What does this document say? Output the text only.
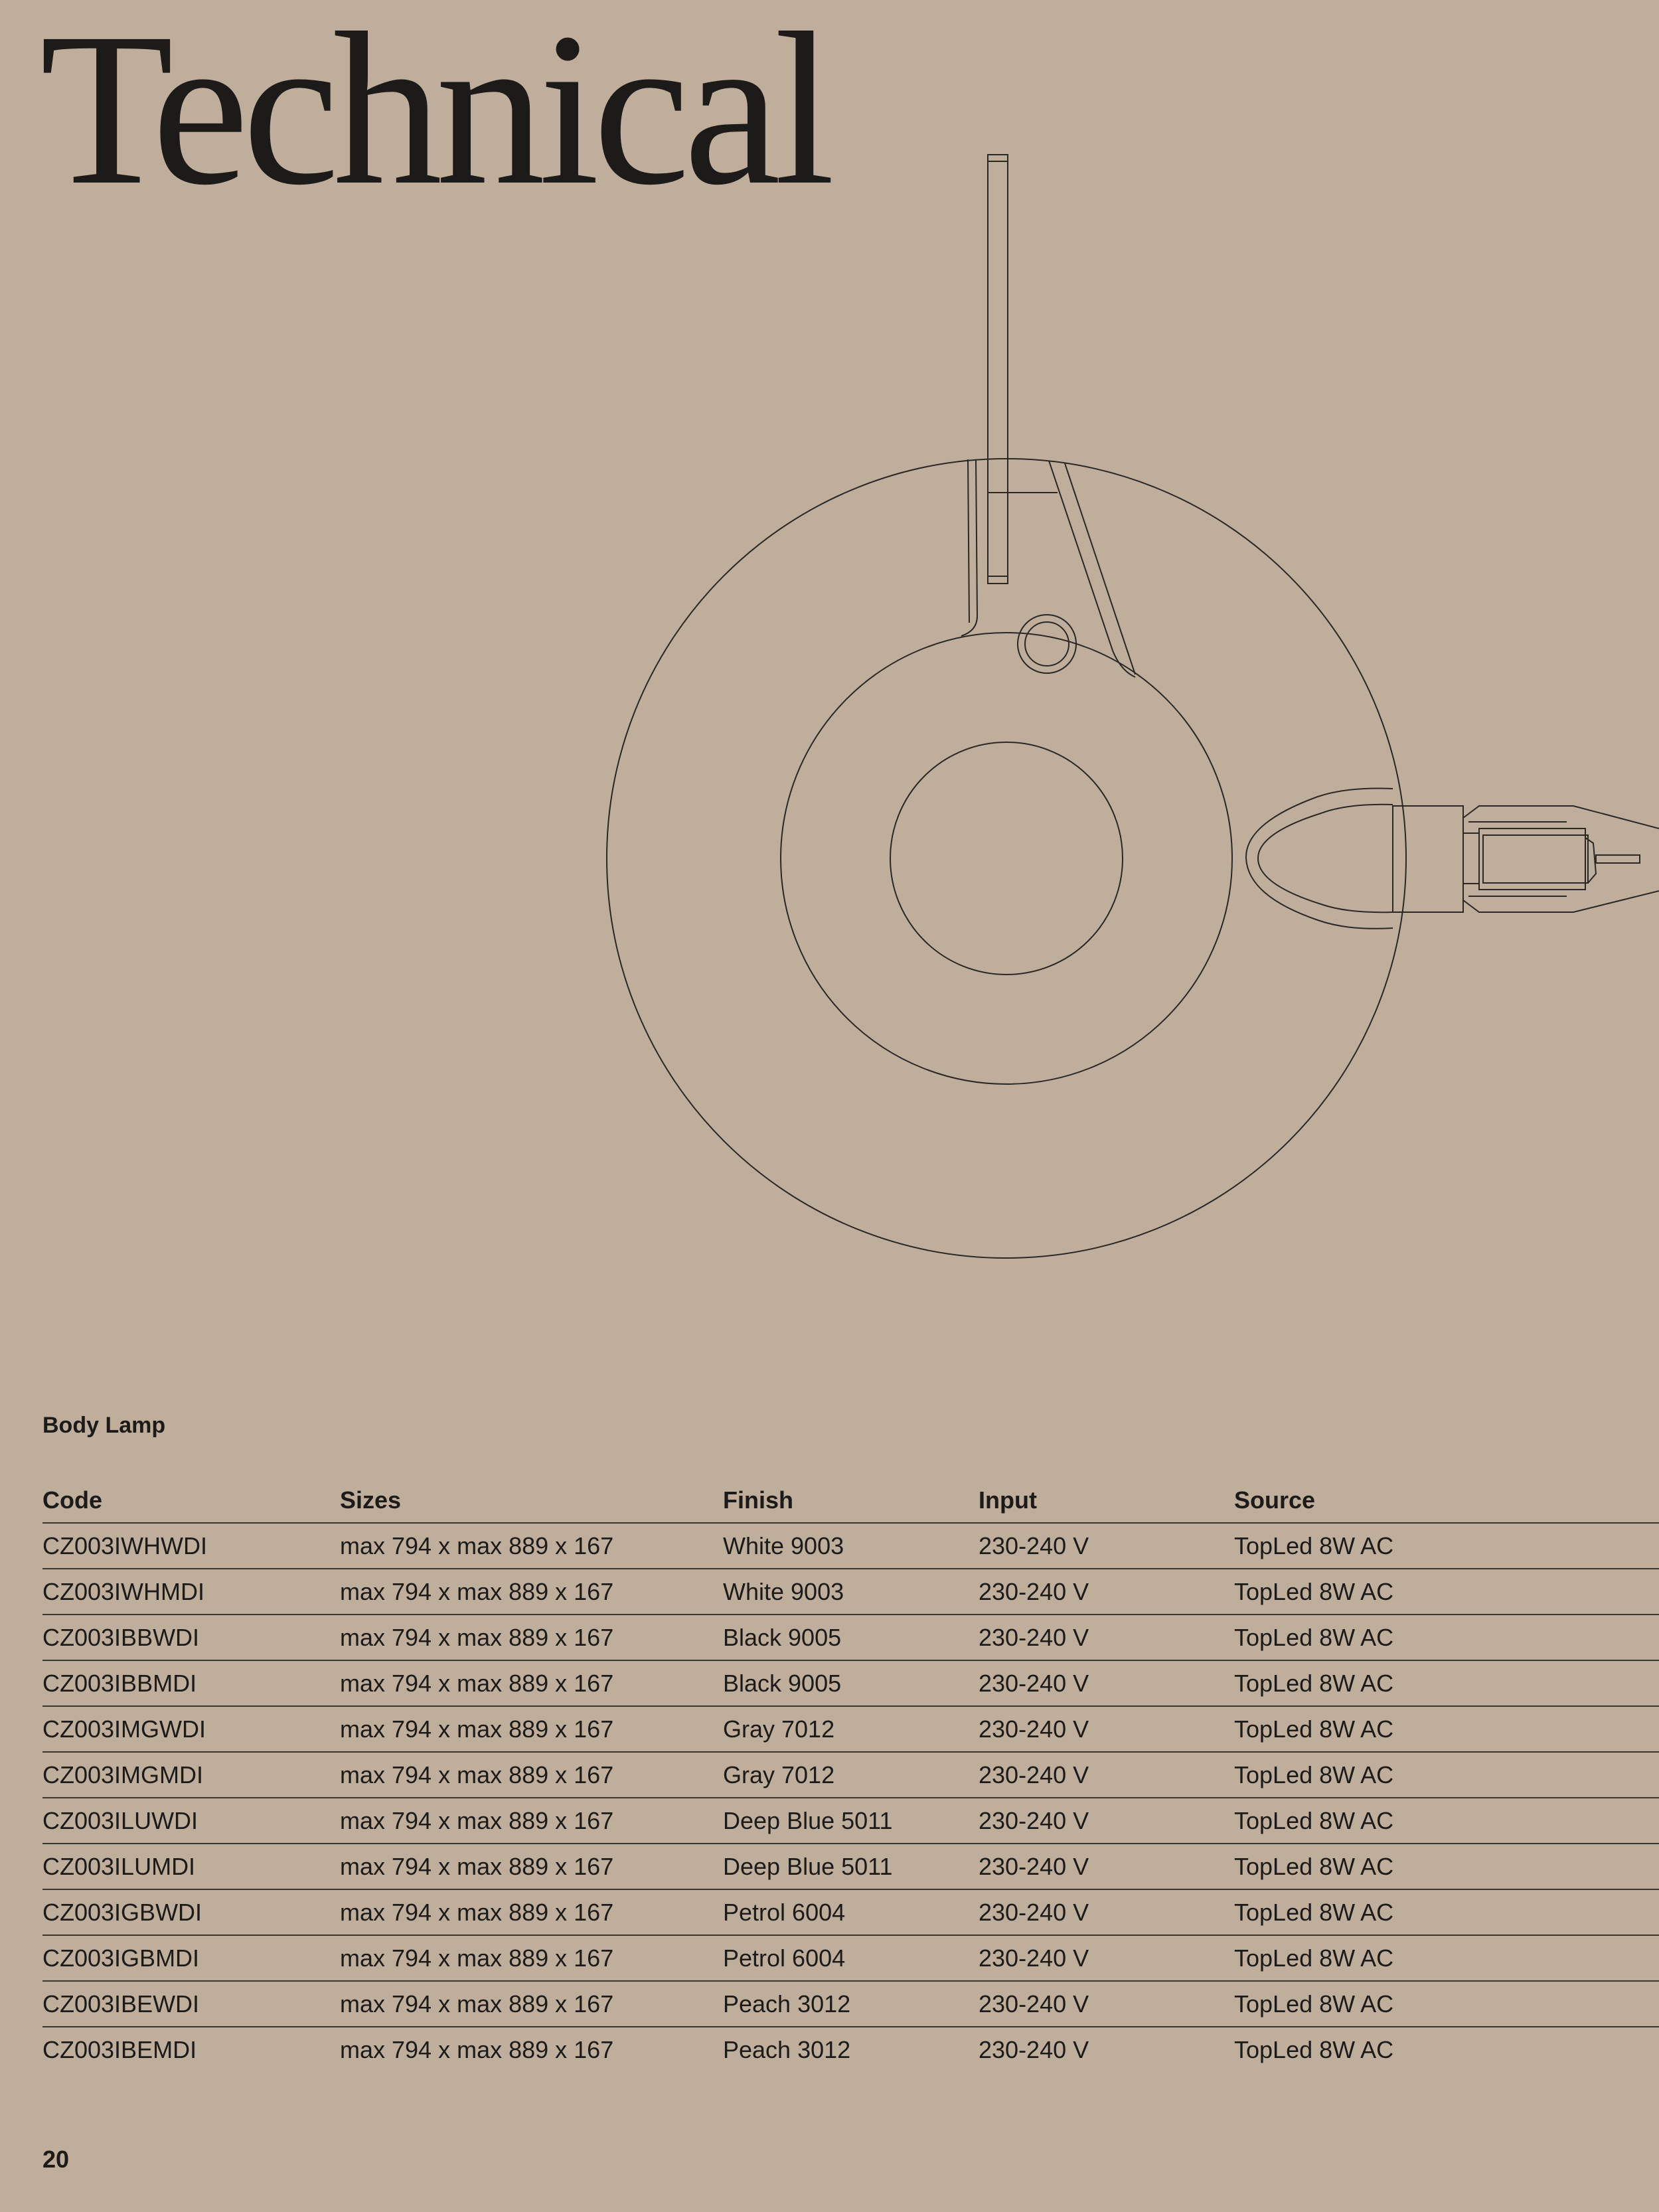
Technical
Body Lamp
Code	Sizes	Finish	Input	Source
CZ003IWHWDI	max 794 x max 889 x 167	White 9003	230-240 V	TopLed 8W AC
CZ003IWHMDI	max 794 x max 889 x 167	White 9003	230-240 V	TopLed 8W AC
CZ003IBBWDI	max 794 x max 889 x 167	Black 9005	230-240 V	TopLed 8W AC
CZ003IBBMDI	max 794 x max 889 x 167	Black 9005	230-240 V	TopLed 8W AC
CZ003IMGWDI	max 794 x max 889 x 167	Gray 7012	230-240 V	TopLed 8W AC
CZ003IMGMDI	max 794 x max 889 x 167	Gray 7012	230-240 V	TopLed 8W AC
CZ003ILUWDI	max 794 x max 889 x 167	Deep Blue 5011	230-240 V	TopLed 8W AC
CZ003ILUMDI	max 794 x max 889 x 167	Deep Blue 5011	230-240 V	TopLed 8W AC
CZ003IGBWDI	max 794 x max 889 x 167	Petrol 6004	230-240 V	TopLed 8W AC
CZ003IGBMDI	max 794 x max 889 x 167	Petrol 6004	230-240 V	TopLed 8W AC
CZ003IBEWDI	max 794 x max 889 x 167	Peach 3012	230-240 V	TopLed 8W AC
CZ003IBEMDI	max 794 x max 889 x 167	Peach 3012	230-240 V	TopLed 8W AC
20
